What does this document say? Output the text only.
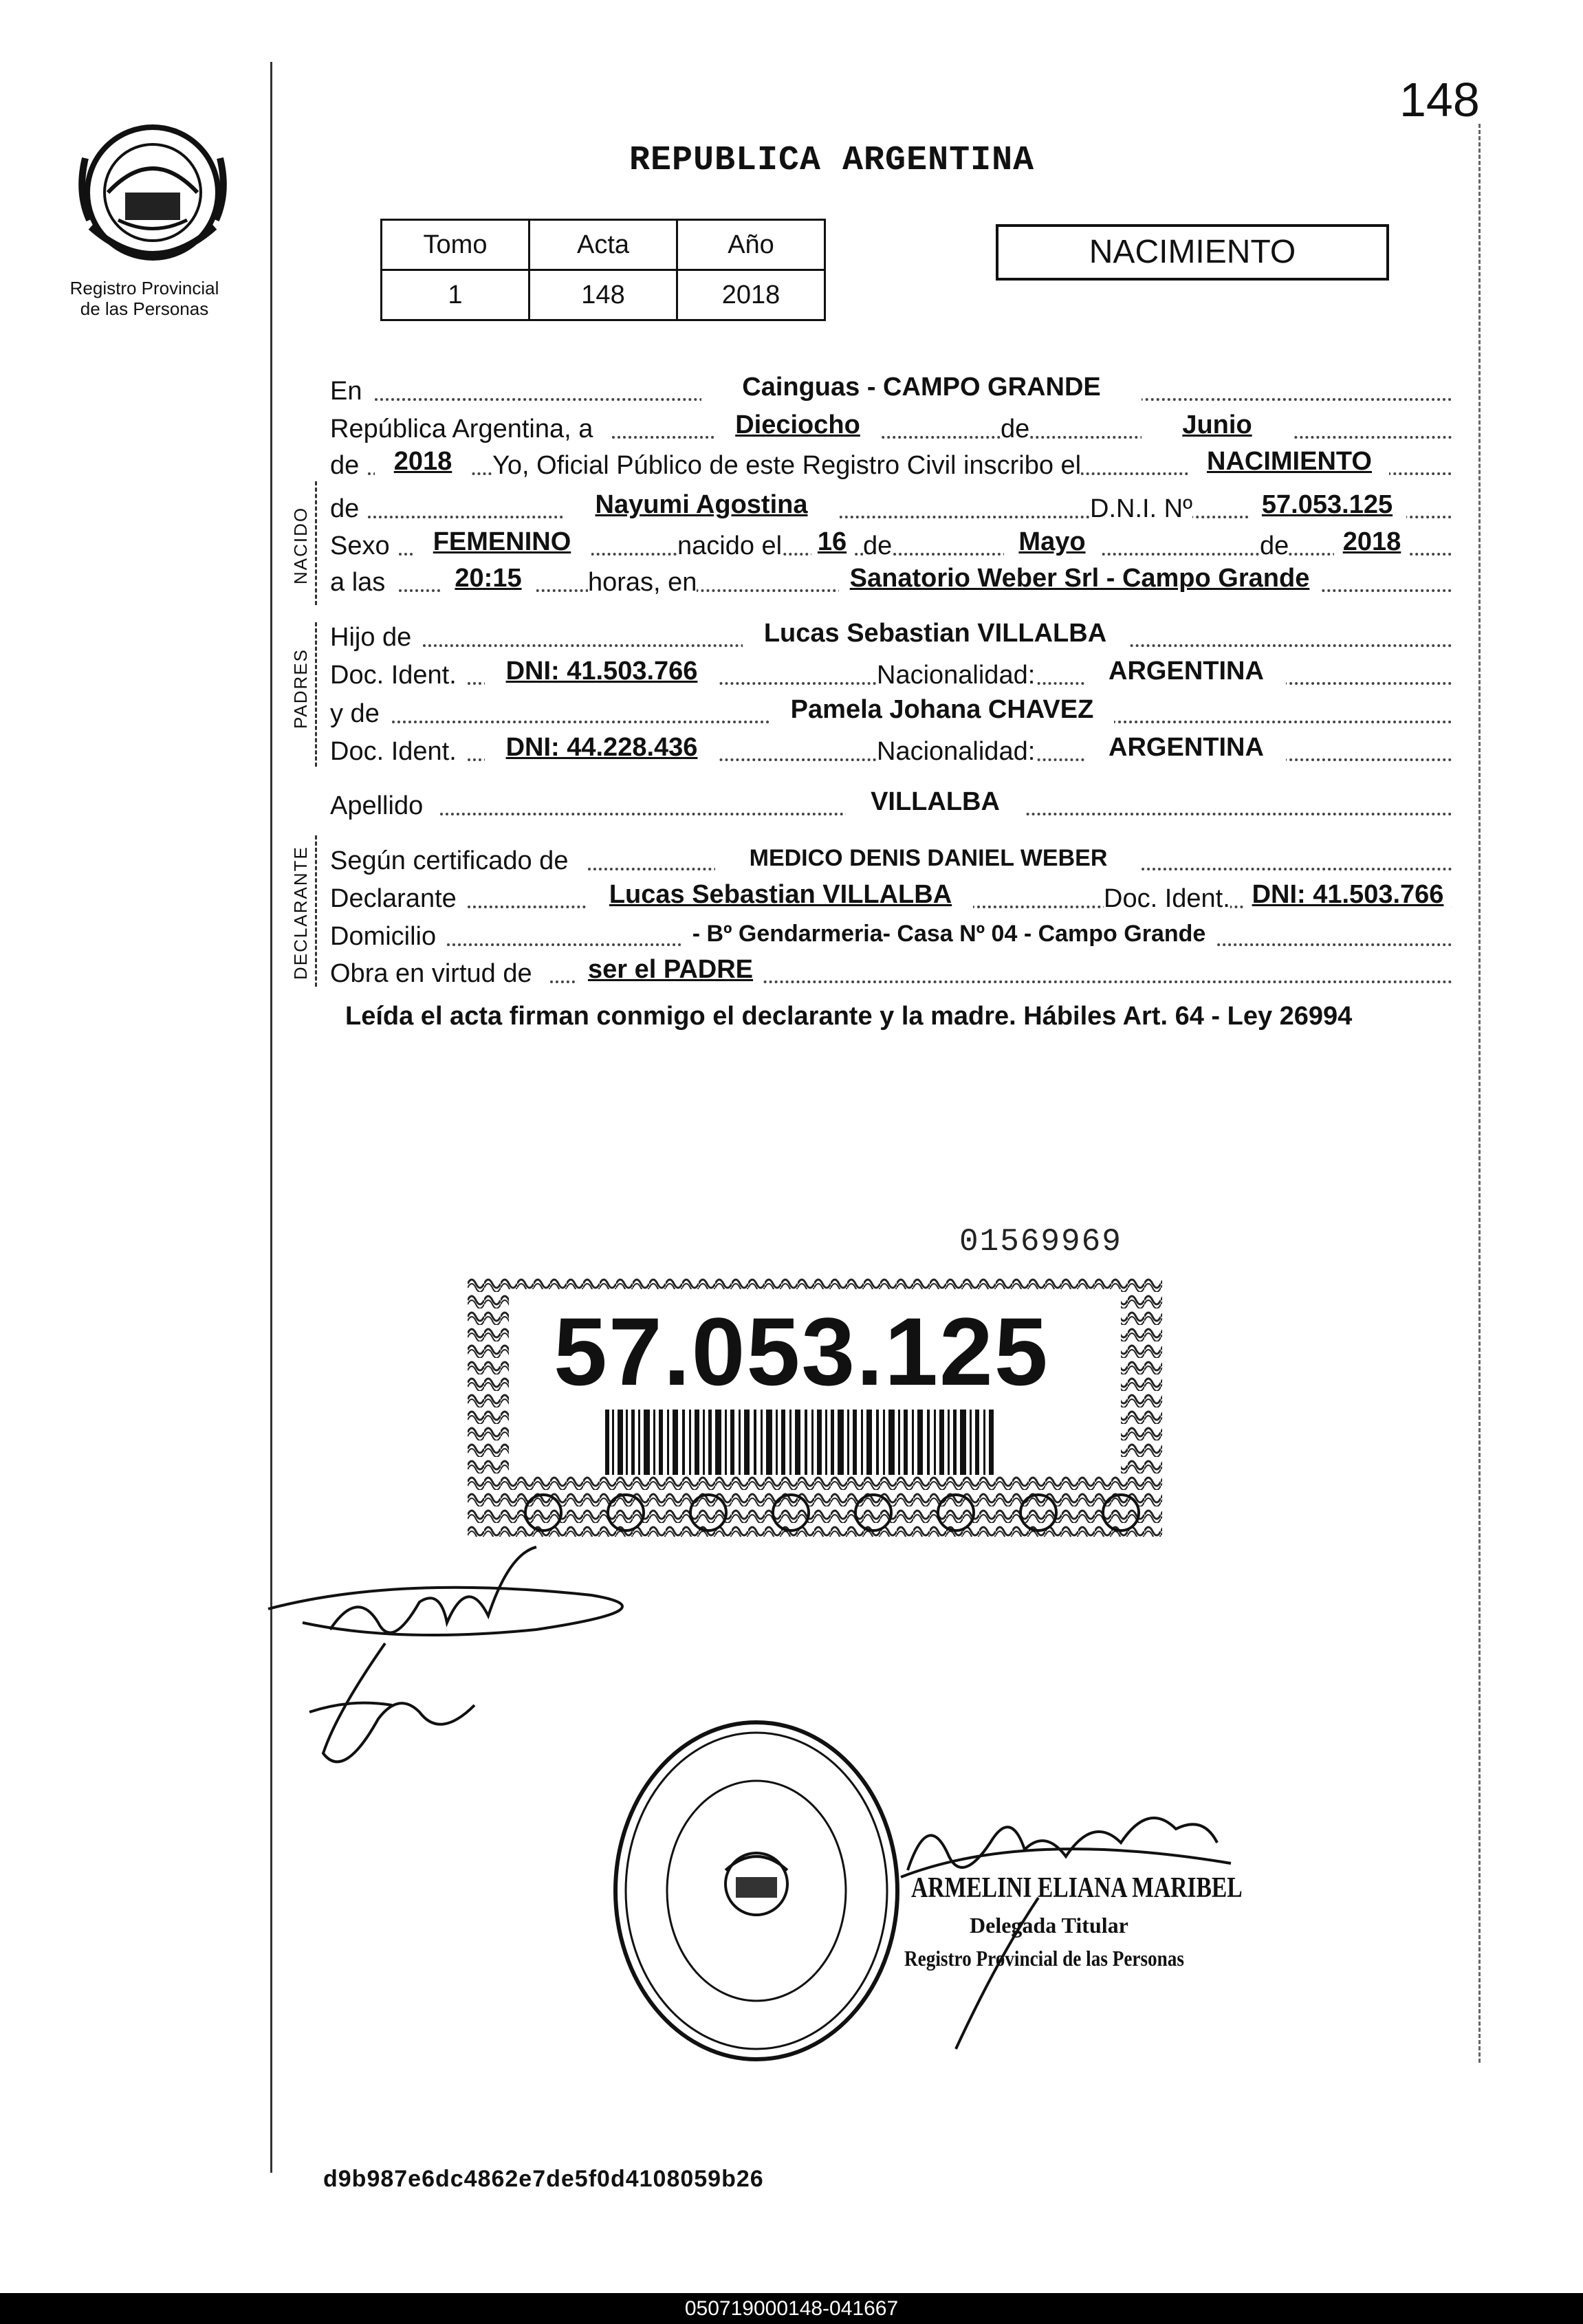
148
Registro Provincial
de las Personas
REPUBLICA ARGENTINA
Tomo	Acta	Año
1	148	2018
NACIMIENTO
NACIDO
PADRES
DECLARANTE
En	Cainguas - CAMPO GRANDE
República Argentina, a	Dieciocho	de	Junio
de	2018	Yo, Oficial Público de este Registro Civil inscribo el	NACIMIENTO
de	Nayumi Agostina	D.N.I. Nº	57.053.125
Sexo	FEMENINO	nacido el 16 de	Mayo	de	2018
a las	20:15	horas, en	Sanatorio Weber Srl - Campo Grande
Hijo de	Lucas Sebastian VILLALBA
Doc. Ident.	DNI: 41.503.766	Nacionalidad:	ARGENTINA
y de	Pamela Johana CHAVEZ
Doc. Ident.	DNI: 44.228.436	Nacionalidad:	ARGENTINA
Apellido	VILLALBA
Según certificado de	MEDICO DENIS DANIEL WEBER
Declarante	Lucas Sebastian VILLALBA	Doc. Ident. DNI: 41.503.766
Domicilio	- Bº Gendarmeria- Casa Nº 04 - Campo Grande
Obra en virtud de	ser el PADRE
Leída el acta firman conmigo el declarante y la madre. Hábiles Art. 64 - Ley 26994
01569969
57.053.125
ARMELINI ELIANA MARIBEL
Delegada Titular
Registro Provincial de las Personas
d9b987e6dc4862e7de5f0d4108059b26
050719000148-041667
